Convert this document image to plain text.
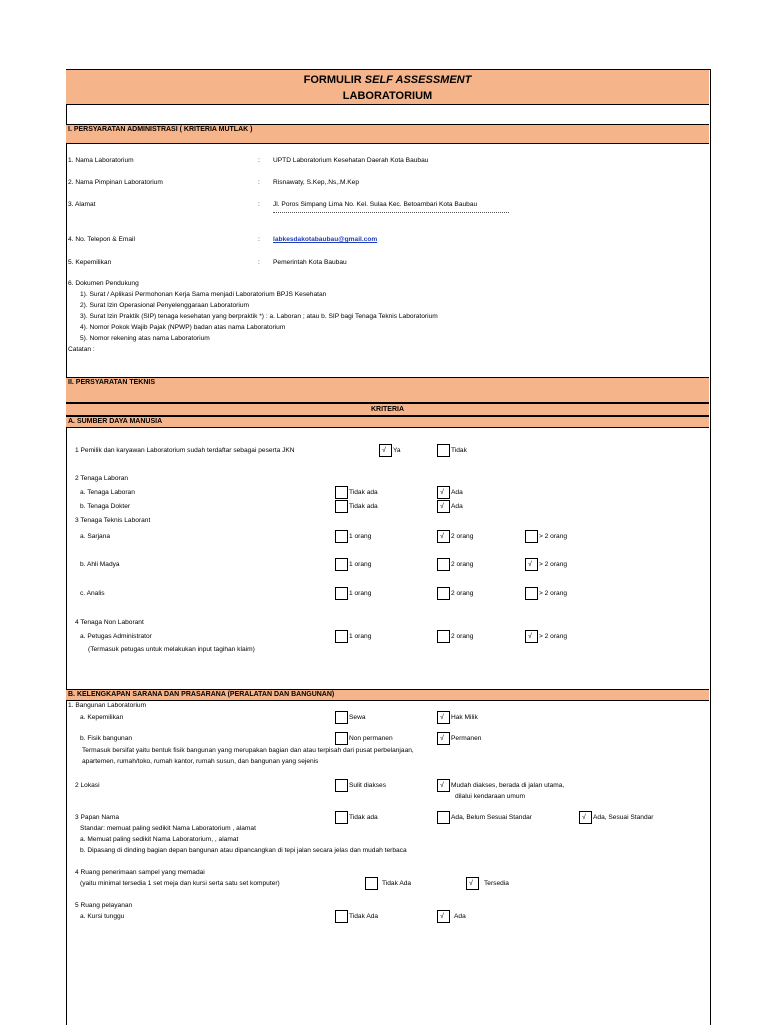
FORMULIR SELF ASSESSMENT
LABORATORIUM
I. PERSYARATAN ADMINISTRASI ( KRITERIA MUTLAK )
1. Nama Laboratorium	: UPTD Laboratorium Kesehatan Daerah Kota Baubau
2. Nama Pimpinan Laboratorium	: Risnawaty, S.Kep,.Ns,.M.Kep
3. Alamat	: Jl. Poros Simpang Lima No. Kel. Sulaa Kec. Betoambari Kota Baubau
4. No. Telepon & Email	: labkesdakotabaubau@gmail.com
5. Kepemilikan	: Pemerintah Kota Baubau
6. Dokumen Pendukung
1). Surat / Aplikasi Permohonan Kerja Sama menjadi Laboratorium BPJS Kesehatan
2). Surat Izin Operasional Penyelenggaraan Laboratorium
3). Surat Izin Praktik (SIP) tenaga kesehatan yang berpraktik *) : a. Laboran ; atau b. SIP bagi Tenaga Teknis Laboratorium
4). Nomor Pokok Wajib Pajak (NPWP) badan atas nama Laboratorium
5). Nomor rekening atas nama Laboratorium
Catatan :
II. PERSYARATAN TEKNIS
KRITERIA
A. SUMBER DAYA MANUSIA
1 Pemilik dan karyawan Laboratorium sudah terdaftar sebagai peserta JKN	√	Ya	Tidak
2 Tenaga Laboran
a. Tenaga Laboran	Tidak ada	√	Ada
b. Tenaga Dokter	Tidak ada	√	Ada
3 Tenaga Teknis Laborant
a. Sarjana	1 orang	√	2 orang	> 2 orang
b. Ahli Madya	1 orang	2 orang	√	> 2 orang
c. Analis	1 orang	2 orang	> 2 orang
4 Tenaga Non Laborant
a. Petugas Administrator	1 orang	2 orang	√	> 2 orang
(Termasuk petugas untuk melakukan input tagihan klaim)
B. KELENGKAPAN SARANA DAN PRASARANA (PERALATAN DAN BANGUNAN)
1. Bangunan Laboratorium
a. Kepemilikan	Sewa	√	Hak Milik
b. Fisik bangunan	Non permanen	√	Permanen
Termasuk bersifat yaitu bentuk fisik bangunan yang merupakan bagian dan atau terpisah dari pusat perbelanjaan,
apartemen, rumah/toko, rumah kantor, rumah susun, dan bangunan yang sejenis
2 Lokasi	Sulit diakses	√	Mudah diakses, berada di jalan utama,
dilalui kendaraan umum
3 Papan Nama	Tidak ada	Ada, Belum Sesuai Standar	√	Ada, Sesuai Standar
Standar: memuat paling sedikit Nama Laboratorium , alamat
a. Memuat paling sedikit Nama Laboratorium, , alamat
b. Dipasang di dinding bagian depan bangunan atau dipancangkan di tepi jalan secara jelas dan mudah terbaca
4 Ruang penerimaan sampel yang memadai
(yaitu minimal tersedia 1 set meja dan kursi serta satu set komputer)	Tidak Ada	√	Tersedia
5 Ruang pelayanan
a. Kursi tunggu	Tidak Ada	√	Ada
